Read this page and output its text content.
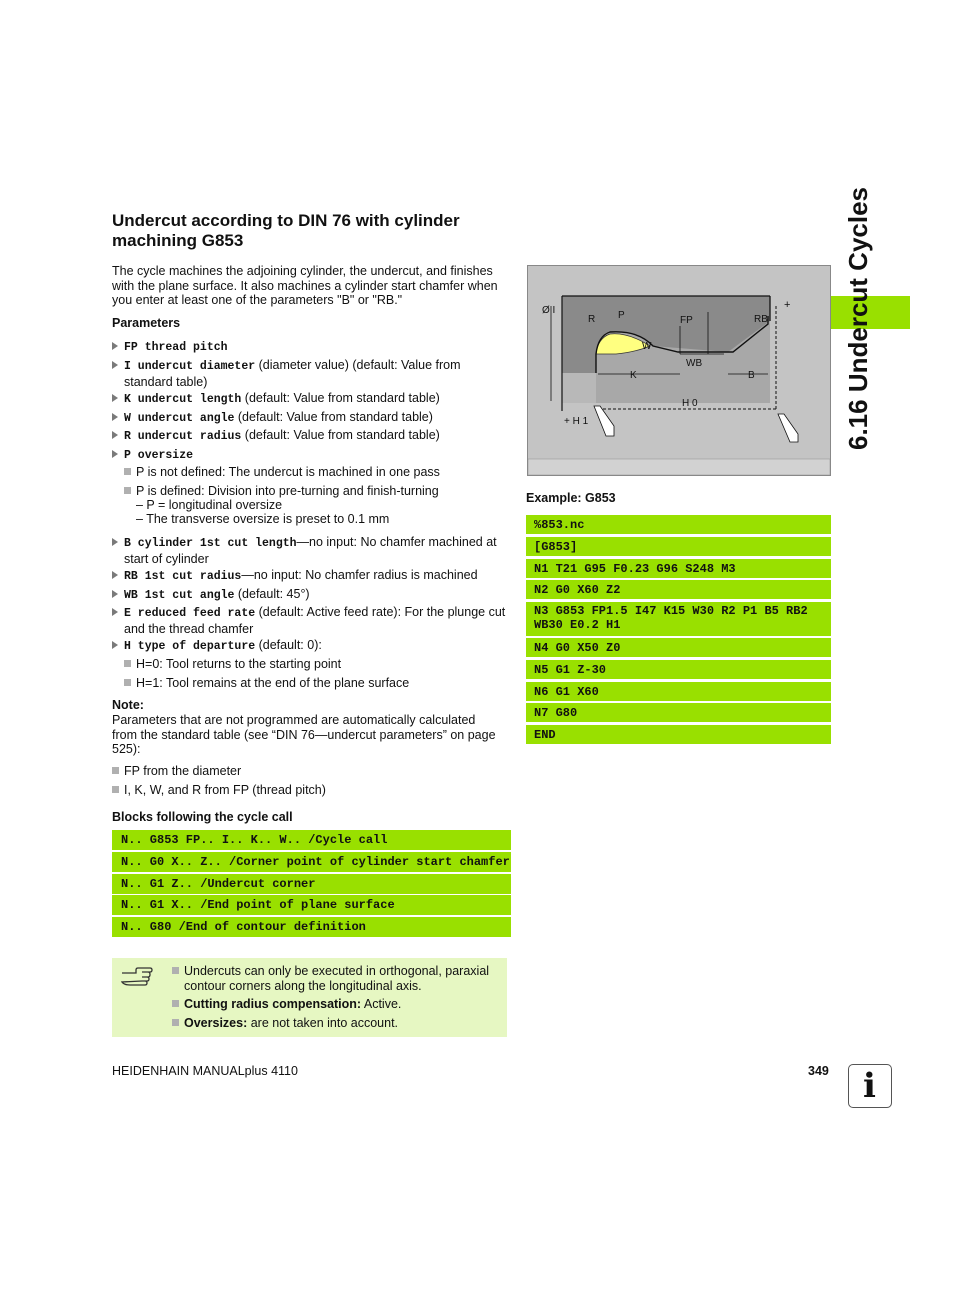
6.16 Undercut Cycles
Undercut according to DIN 76 with cylinder machining G853
The cycle machines the adjoining cylinder, the undercut, and finishes with the plane surface. It also machines a cylinder start chamfer when you enter at least one of the parameters "B" or "RB."
Parameters
FP thread pitch
I undercut diameter (diameter value) (default: Value from standard table)
K undercut length (default: Value from standard table)
W undercut angle (default: Value from standard table)
R undercut radius (default: Value from standard table)
P oversize
P is not defined: The undercut is machined in one pass
P is defined: Division into pre-turning and finish-turning
– P = longitudinal oversize
– The transverse oversize is preset to 0.1 mm
B cylinder 1st cut length—no input: No chamfer machined at start of cylinder
RB 1st cut radius—no input: No chamfer radius is machined
WB 1st cut angle (default: 45°)
E reduced feed rate (default: Active feed rate): For the plunge cut and the thread chamfer
H type of departure (default: 0):
H=0: Tool returns to the starting point
H=1: Tool remains at the end of the plane surface
Note:
Parameters that are not programmed are automatically calculated from the standard table (see “DIN 76—undercut parameters” on page 525):
FP from the diameter
I, K, W, and R from FP (thread pitch)
Blocks following the cycle call
N.. G853 FP.. I.. K.. W.. /Cycle call
N.. G0 X.. Z.. /Corner point of cylinder start chamfer
N.. G1 Z.. /Undercut corner
N.. G1 X.. /End point of plane surface
N.. G80 /End of contour definition
Undercuts can only be executed in orthogonal, paraxial contour corners along the longitudinal axis.
Cutting radius compensation: Active.
Oversizes: are not taken into account.
Ø I
R P	FP	RB
W
WB
K	B
H 0
+ H 1
+
Example: G853
%853.nc
[G853]
N1 T21 G95 F0.23 G96 S248 M3
N2 G0 X60 Z2
N3 G853 FP1.5 I47 K15 W30 R2 P1 B5 RB2 WB30 E0.2 H1
N4 G0 X50 Z0
N5 G1 Z-30
N6 G1 X60
N7 G80
END
HEIDENHAIN MANUALplus 4110	349	i
